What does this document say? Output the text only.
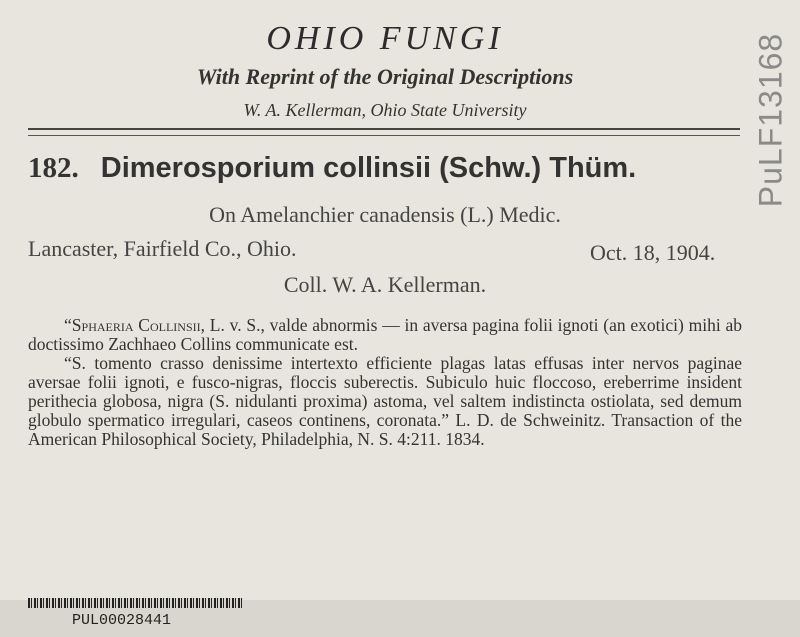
OHIO FUNGI
With Reprint of the Original Descriptions
W. A. Kellerman, Ohio State University
182. Dimerosporium collinsii (Schw.) Thüm.
On Amelanchier canadensis (L.) Medic.
Lancaster, Fairfield Co., Ohio.	Oct. 18, 1904.
Coll. W. A. Kellerman.

“Sphaeria Collinsii, L. v. S., valde abnormis — in aversa pagina folii ignoti (an exotici) mihi ab doctissimo Zachhaeo Collins communicate est.

“S. tomento crasso denissime intertexto efficiente plagas latas effusas inter nervos paginae aversae folii ignoti, e fusco-nigras, floccis suberectis. Subiculo huic floccoso, ereberrime insident perithecia globosa, nigra (S. nidulanti proxima) astoma, vel saltem indistincta ostiolata, sed demum globulo spermatico irregulari, caseos continens, coronata.” L. D. de Schweinitz. Transaction of the American Philosophical Society, Philadelphia, N. S. 4:211. 1834.

PuLF13168
PUL00028441
